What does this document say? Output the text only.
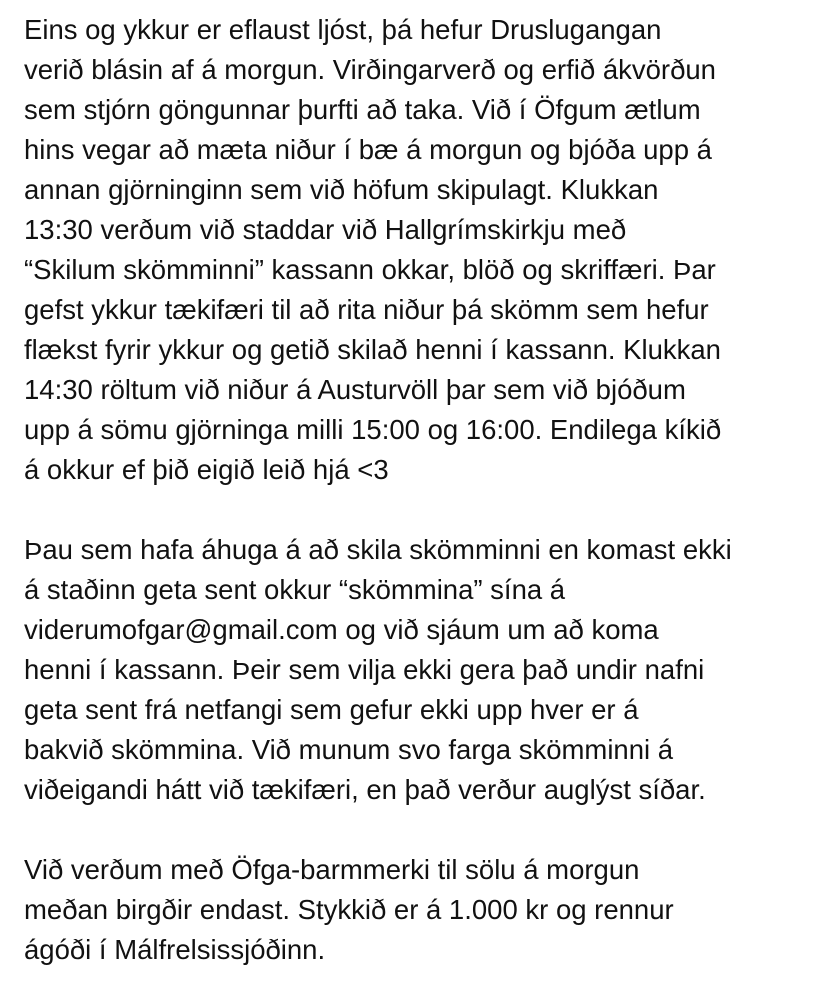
Eins og ykkur er eflaust ljóst, þá hefur Druslugangan
verið blásin af á morgun. Virðingarverð og erfið ákvörðun
sem stjórn göngunnar þurfti að taka. Við í Öfgum ætlum
hins vegar að mæta niður í bæ á morgun og bjóða upp á
annan gjörninginn sem við höfum skipulagt. Klukkan
13:30 verðum við staddar við Hallgrímskirkju með
“Skilum skömminni” kassann okkar, blöð og skriffæri. Þar
gefst ykkur tækifæri til að rita niður þá skömm sem hefur
flækst fyrir ykkur og getið skilað henni í kassann. Klukkan
14:30 röltum við niður á Austurvöll þar sem við bjóðum
upp á sömu gjörninga milli 15:00 og 16:00. Endilega kíkið
á okkur ef þið eigið leið hjá <3
Þau sem hafa áhuga á að skila skömminni en komast ekki
á staðinn geta sent okkur “skömmina” sína á
viderumofgar@gmail.com og við sjáum um að koma
henni í kassann. Þeir sem vilja ekki gera það undir nafni
geta sent frá netfangi sem gefur ekki upp hver er á
bakvið skömmina. Við munum svo farga skömminni á
viðeigandi hátt við tækifæri, en það verður auglýst síðar.
Við verðum með Öfga-barmmerki til sölu á morgun
meðan birgðir endast. Stykkið er á 1.000 kr og rennur
ágóði í Málfrelsissjóðinn.
